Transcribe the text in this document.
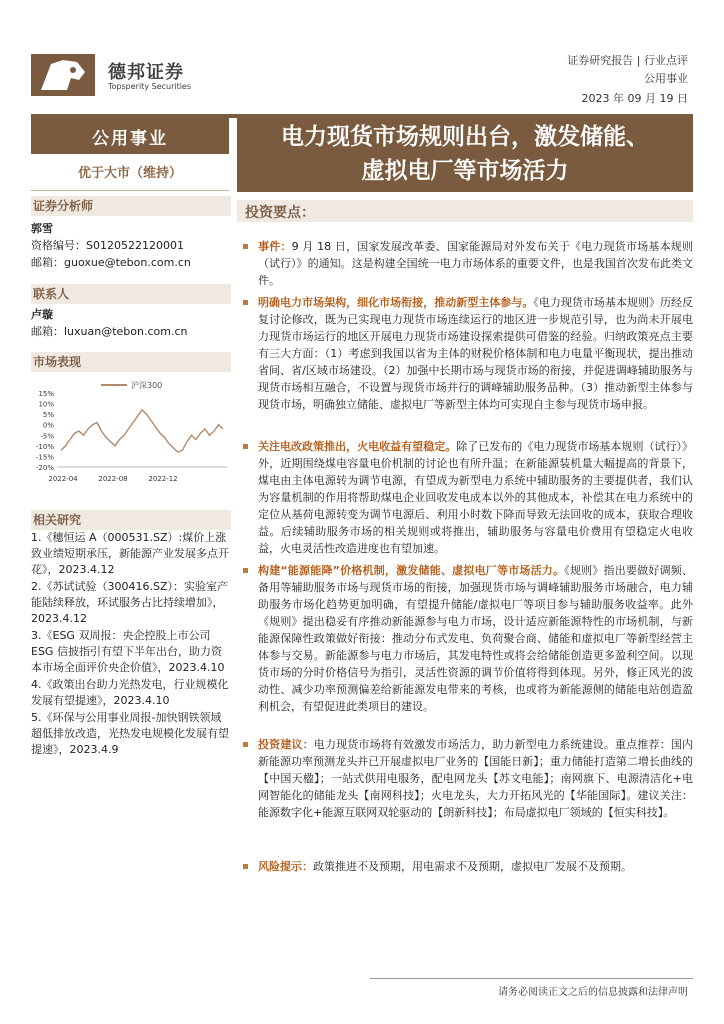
德邦证券
Topsperity Securities
证券研究报告 | 行业点评
公用事业
2023 年 09 月 19 日
公用事业
优于大市（维持）
电力现货市场规则出台，激发储能、
虚拟电厂等市场活力
证券分析师
郭雪
资格编号：S0120522120001
邮箱：guoxue@tebon.com.cn
联系人
卢璇
邮箱：luxuan@tebon.com.cn
市场表现
沪深300
15%
10%
5%
0%
-5%
-10%
-15%
-20%
2022-04	2022-08	2022-12
相关研究
1.《穗恒运 A（000531.SZ）:煤价上涨致业绩短期承压，新能源产业发展多点开花》，2023.4.12
2.《苏试试验（300416.SZ）：实验室产能陆续释放，环试服务占比持续增加》，2023.4.12
3.《ESG 双周报：央企控股上市公司 ESG 信披指引有望下半年出台，助力资本市场全面评价央企价值》，2023.4.10
4.《政策出台助力光热发电，行业规模化发展有望提速》，2023.4.10
5.《环保与公用事业周报-加快钢铁领域超低排放改造，光热发电规模化发展有望提速》，2023.4.9
投资要点：
事件：9 月 18 日，国家发展改革委、国家能源局对外发布关于《电力现货市场基本规则（试行）》的通知。这是构建全国统一电力市场体系的重要文件，也是我国首次发布此类文件。
明确电力市场架构，细化市场衔接，推动新型主体参与。《电力现货市场基本规则》历经反复讨论修改，既为已实现电力现货市场连续运行的地区进一步规范引导，也为尚未开展电力现货市场运行的地区开展电力现货市场建设探索提供可借鉴的经验。归纳政策亮点主要有三大方面：（1）考虑到我国以省为主体的财税价格体制和电力电量平衡现状，提出推动省间、省/区域市场建设。（2）加强中长期市场与现货市场的衔接，并促进调峰辅助服务与现货市场相互融合，不设置与现货市场并行的调峰辅助服务品种。（3）推动新型主体参与现货市场，明确独立储能、虚拟电厂等新型主体均可实现自主参与现货市场申报。
关注电改政策推出，火电收益有望稳定。除了已发布的《电力现货市场基本规则（试行）》外，近期围绕煤电容量电价机制的讨论也有所升温；在新能源装机量大幅提高的背景下，煤电由主体电源转为调节电源，有望成为新型电力系统中辅助服务的主要提供者，我们认为容量机制的作用将帮助煤电企业回收发电成本以外的其他成本，补偿其在电力系统中的定位从基荷电源转变为调节电源后、利用小时数下降而导致无法回收的成本，获取合理收益。后续辅助服务市场的相关规则或将推出，辅助服务与容量电价费用有望稳定火电收益，火电灵活性改造进度也有望加速。
构建“能源能降”价格机制，激发储能、虚拟电厂等市场活力。《规则》指出要做好调频、备用等辅助服务市场与现货市场的衔接，加强现货市场与调峰辅助服务市场融合，电力辅助服务市场化趋势更加明确，有望提升储能/虚拟电厂等项目参与辅助服务收益率。此外《规则》提出稳妥有序推动新能源参与电力市场，设计适应新能源特性的市场机制，与新能源保障性政策做好衔接：推动分布式发电、负荷聚合商、储能和虚拟电厂等新型经营主体参与交易。新能源参与电力市场后，其发电特性或将会给储能创造更多盈利空间。以现货市场的分时价格信号为指引，灵活性资源的调节价值将得到体现。另外，修正风光的波动性、减少功率预测偏差给新能源发电带来的考核，也或将为新能源侧的储能电站创造盈利机会，有望促进此类项目的建设。
投资建议：电力现货市场将有效激发市场活力，助力新型电力系统建设。重点推荐：国内新能源功率预测龙头并已开展虚拟电厂业务的【国能日新】；重力储能打造第二增长曲线的【中国天楹】；一站式供用电服务，配电网龙头【苏文电能】；南网旗下、电源清洁化+电网智能化的储能龙头【南网科技】；火电龙头，大力开拓风光的【华能国际】。建议关注：能源数字化+能源互联网双轮驱动的【朗新科技】；布局虚拟电厂领域的【恒实科技】。
风险提示：政策推进不及预期，用电需求不及预期，虚拟电厂发展不及预期。
请务必阅读正文之后的信息披露和法律声明
